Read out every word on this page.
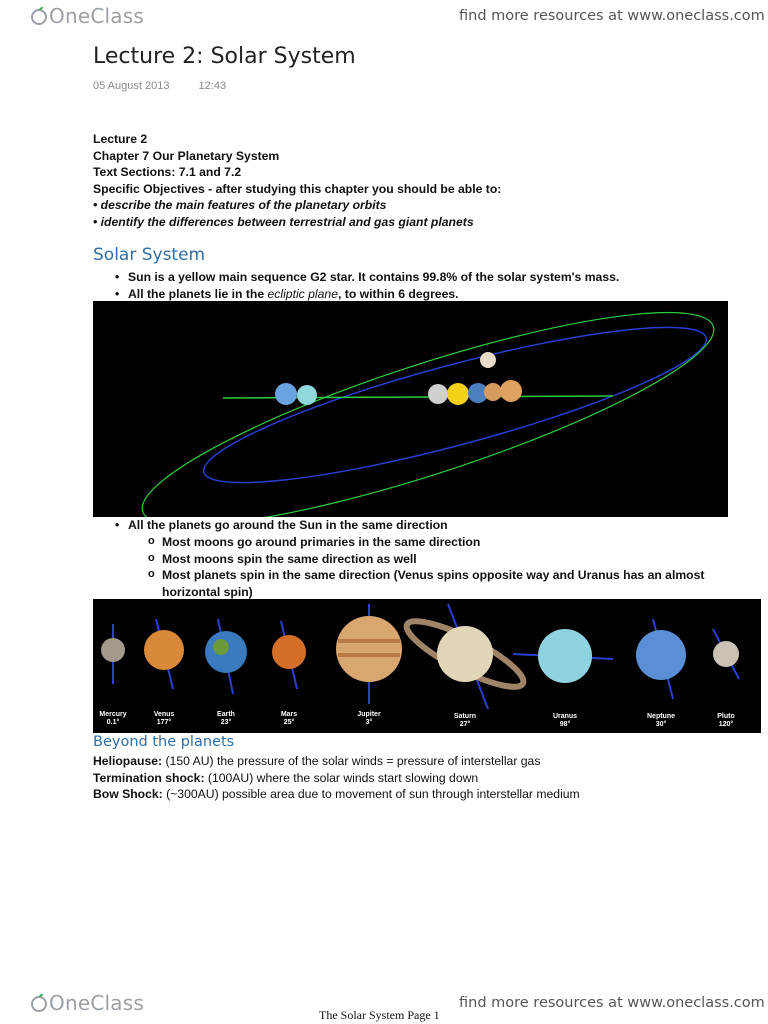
OneClass	find more resources at www.oneclass.com
Lecture 2: Solar System
05 August 2013	12:43
Lecture 2
Chapter 7 Our Planetary System
Text Sections: 7.1 and 7.2
Specific Objectives - after studying this chapter you should be able to:
• describe the main features of the planetary orbits
• identify the differences between terrestrial and gas giant planets
Solar System
• Sun is a yellow main sequence G2 star. It contains 99.8% of the solar system's mass.
• All the planets lie in the ecliptic plane, to within 6 degrees.
• All the planets go around the Sun in the same direction
o Most moons go around primaries in the same direction
o Most moons spin the same direction as well
o Most planets spin in the same direction (Venus spins opposite way and Uranus has an almost horizontal spin)
Mercury
0.1°
Venus
177°
Earth
23°
Mars
25°
Jupiter
3°
Saturn
27°
Uranus
98°
Neptune
30°
Pluto
120°
Beyond the planets
Heliopause: (150 AU) the pressure of the solar winds = pressure of interstellar gas
Termination shock: (100AU) where the solar winds start slowing down
Bow Shock: (~300AU) possible area due to movement of sun through interstellar medium
OneClass	find more resources at www.oneclass.com
The Solar System Page 1
